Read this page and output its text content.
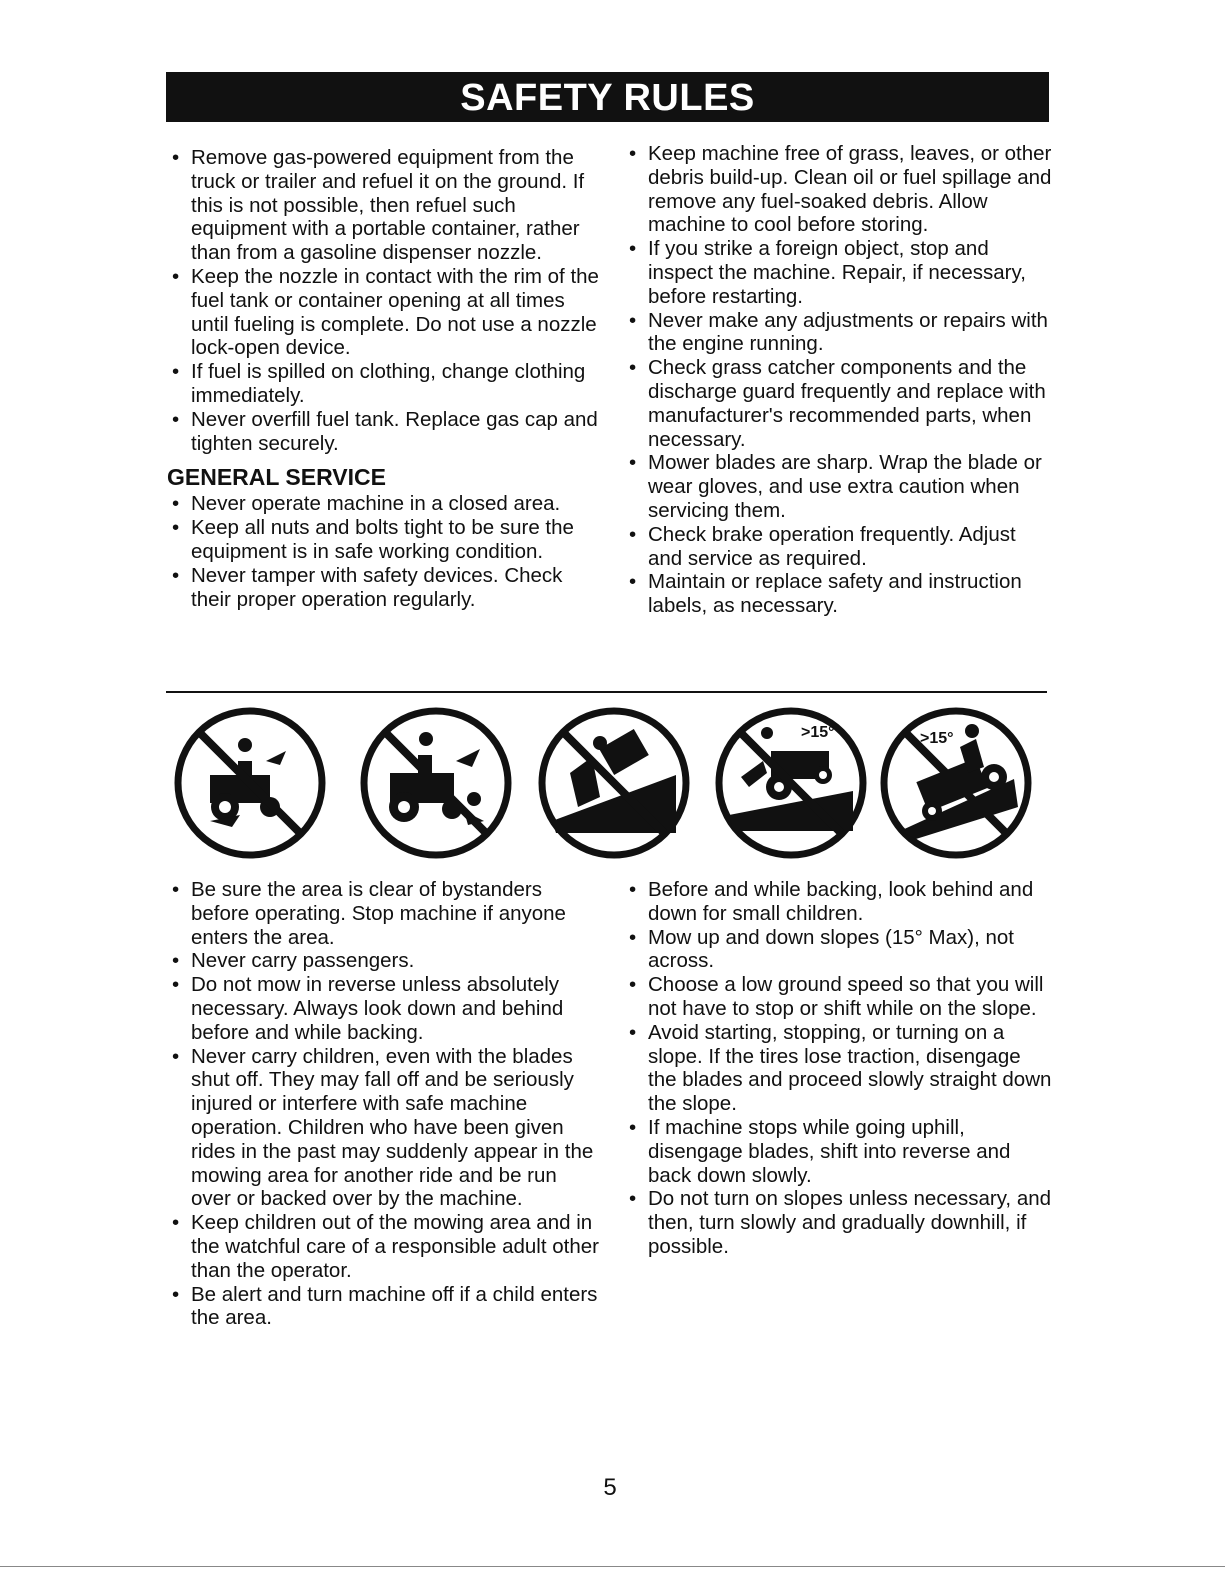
SAFETY RULES
• Remove gas-powered equipment from the truck or trailer and refuel it on the ground. If this is not possible, then refuel such equipment with a portable container, rather than from a gasoline dispenser nozzle.
• Keep the nozzle in contact with the rim of the fuel tank or container opening at all times until fueling is complete. Do not use a nozzle lock-open device.
• If fuel is spilled on clothing, change clothing immediately.
• Never overfill fuel tank. Replace gas cap and tighten securely.
GENERAL SERVICE
• Never operate machine in a closed area.
• Keep all nuts and bolts tight to be sure the equipment is in safe working condition.
• Never tamper with safety devices. Check their proper operation regularly.
• Keep machine free of grass, leaves, or other debris build-up. Clean oil or fuel spillage and remove any fuel-soaked debris. Allow machine to cool before storing.
• If you strike a foreign object, stop and inspect the machine. Repair, if necessary, before restarting.
• Never make any adjustments or repairs with the engine running.
• Check grass catcher components and the discharge guard frequently and replace with manufacturer's recommended parts, when necessary.
• Mower blades are sharp. Wrap the blade or wear gloves, and use extra caution when servicing them.
• Check brake operation frequently. Adjust and service as required.
• Maintain or replace safety and instruction labels, as necessary.
>15°	>15°
• Be sure the area is clear of bystanders before operating. Stop machine if anyone enters the area.
• Never carry passengers.
• Do not mow in reverse unless absolutely necessary. Always look down and behind before and while backing.
• Never carry children, even with the blades shut off. They may fall off and be seriously injured or interfere with safe machine operation. Children who have been given rides in the past may suddenly appear in the mowing area for another ride and be run over or backed over by the machine.
• Keep children out of the mowing area and in the watchful care of a responsible adult other than the operator.
• Be alert and turn machine off if a child enters the area.
• Before and while backing, look behind and down for small children.
• Mow up and down slopes (15° Max), not across.
• Choose a low ground speed so that you will not have to stop or shift while on the slope.
• Avoid starting, stopping, or turning on a slope. If the tires lose traction, disengage the blades and proceed slowly straight down the slope.
• If machine stops while going uphill, disengage blades, shift into reverse and back down slowly.
• Do not turn on slopes unless necessary, and then, turn slowly and gradually downhill, if possible.
5
